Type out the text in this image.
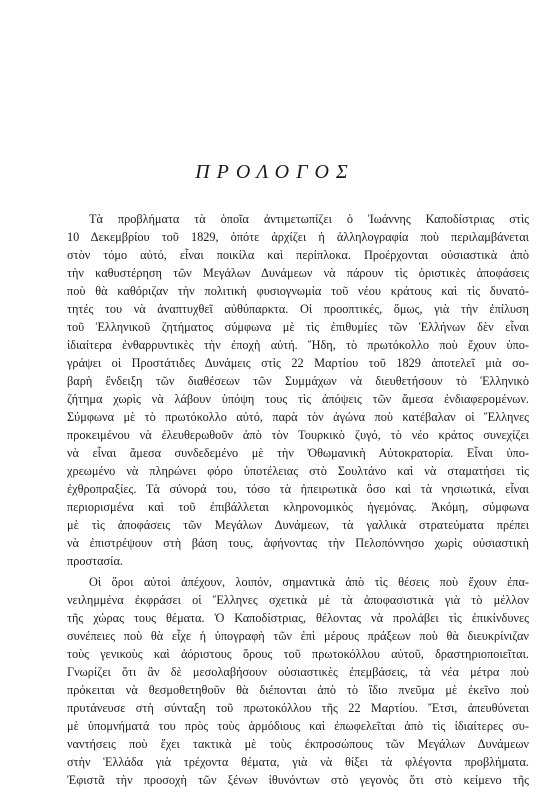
ΠΡΟΛΟΓΟΣ
Τὰ προβλήματα τὰ ὁποῖα ἀντιμετωπίζει ὁ Ἰωάννης Καποδίστριας στὶς
10 Δεκεμβρίου τοῦ 1829, ὁπότε ἀρχίζει ἡ ἀλληλογραφία ποὺ περιλαμβάνεται
στὸν τόμο αὐτό, εἶναι ποικίλα καὶ περίπλοκα. Προέρχονται οὐσιαστικὰ ἀπὸ
τὴν καθυστέρηση τῶν Μεγάλων Δυνάμεων νὰ πάρουν τὶς ὁριστικὲς ἀποφάσεις
ποὺ θὰ καθόριζαν τὴν πολιτικὴ φυσιογνωμία τοῦ νέου κράτους καὶ τὶς δυνατό-
τητές του νὰ ἀναπτυχθεῖ αὐθύπαρκτα. Οἱ προοπτικές, ὅμως, γιὰ τὴν ἐπίλυση
τοῦ Ἑλληνικοῦ ζητήματος σύμφωνα μὲ τὶς ἐπιθυμίες τῶν Ἑλλήνων δὲν εἶναι
ἰδιαίτερα ἐνθαρρυντικὲς τὴν ἐποχὴ αὐτή. Ἤδη, τὸ πρωτόκολλο ποὺ ἔχουν ὑπο-
γράψει οἱ Προστάτιδες Δυνάμεις στὶς 22 Μαρτίου τοῦ 1829 ἀποτελεῖ μιὰ σο-
βαρὴ ἔνδειξη τῶν διαθέσεων τῶν Συμμάχων νὰ διευθετήσουν τὸ Ἑλληνικὸ
ζήτημα χωρὶς νὰ λάβουν ὑπόψη τους τὶς ἀπόψεις τῶν ἄμεσα ἐνδιαφερομένων.
Σύμφωνα μὲ τὸ πρωτόκολλο αὐτό, παρὰ τὸν ἀγώνα ποὺ κατέβαλαν οἱ Ἕλληνες
προκειμένου νὰ ἐλευθερωθοῦν ἀπὸ τὸν Τουρκικὸ ζυγό, τὸ νέο κράτος συνεχίζει
νὰ εἶναι ἄμεσα συνδεδεμένο μὲ τὴν Ὀθωμανικὴ Αὐτοκρατορία. Εἶναι ὑπο-
χρεωμένο νὰ πληρώνει φόρο ὑποτέλειας στὸ Σουλτάνο καὶ νὰ σταματήσει τὶς
ἐχθροπραξίες. Τὰ σύνορά του, τόσο τὰ ἠπειρωτικὰ ὅσο καὶ τὰ νησιωτικά, εἶναι
περιορισμένα καὶ τοῦ ἐπιβάλλεται κληρονομικὸς ἡγεμόνας. Ἀκόμη, σύμφωνα
μὲ τὶς ἀποφάσεις τῶν Μεγάλων Δυνάμεων, τὰ γαλλικὰ στρατεύματα πρέπει
νὰ ἐπιστρέψουν στὴ βάση τους, ἀφήνοντας τὴν Πελοπόννησο χωρὶς οὐσιαστικὴ
προστασία.
Οἱ ὅροι αὐτοὶ ἀπέχουν, λοιπόν, σημαντικὰ ἀπὸ τὶς θέσεις ποὺ ἔχουν ἐπα-
νειλημμένα ἐκφράσει οἱ Ἕλληνες σχετικὰ μὲ τὰ ἀποφασιστικὰ γιὰ τὸ μέλλον
τῆς χώρας τους θέματα. Ὁ Καποδίστριας, θέλοντας νὰ προλάβει τὶς ἐπικίνδυνες
συνέπειες ποὺ θὰ εἶχε ἡ ὑπογραφὴ τῶν ἐπὶ μέρους πράξεων ποὺ θὰ διευκρίνιζαν
τοὺς γενικοὺς καὶ ἀόριστους ὅρους τοῦ πρωτοκόλλου αὐτοῦ, δραστηριοποιεῖται.
Γνωρίζει ὅτι ἂν δὲ μεσολαβήσουν οὐσιαστικὲς ἐπεμβάσεις, τὰ νέα μέτρα ποὺ
πρόκειται νὰ θεσμοθετηθοῦν θὰ διέπονται ἀπὸ τὸ ἴδιο πνεῦμα μὲ ἐκεῖνο ποὺ
πρυτάνευσε στὴ σύνταξη τοῦ πρωτοκόλλου τῆς 22 Μαρτίου. Ἔτσι, ἀπευθύνεται
μὲ ὑπομνήματά του πρὸς τοὺς ἁρμόδιους καὶ ἐπωφελεῖται ἀπὸ τὶς ἰδιαίτερες συ-
ναντήσεις ποὺ ἔχει τακτικὰ μὲ τοὺς ἐκπροσώπους τῶν Μεγάλων Δυνάμεων
στὴν Ἑλλάδα γιὰ τρέχοντα θέματα, γιὰ νὰ θίξει τὰ φλέγοντα προβλήματα.
Ἐφιστᾶ τὴν προσοχὴ τῶν ξένων ἰθυνόντων στὸ γεγονὸς ὅτι στὸ κείμενο τῆς
